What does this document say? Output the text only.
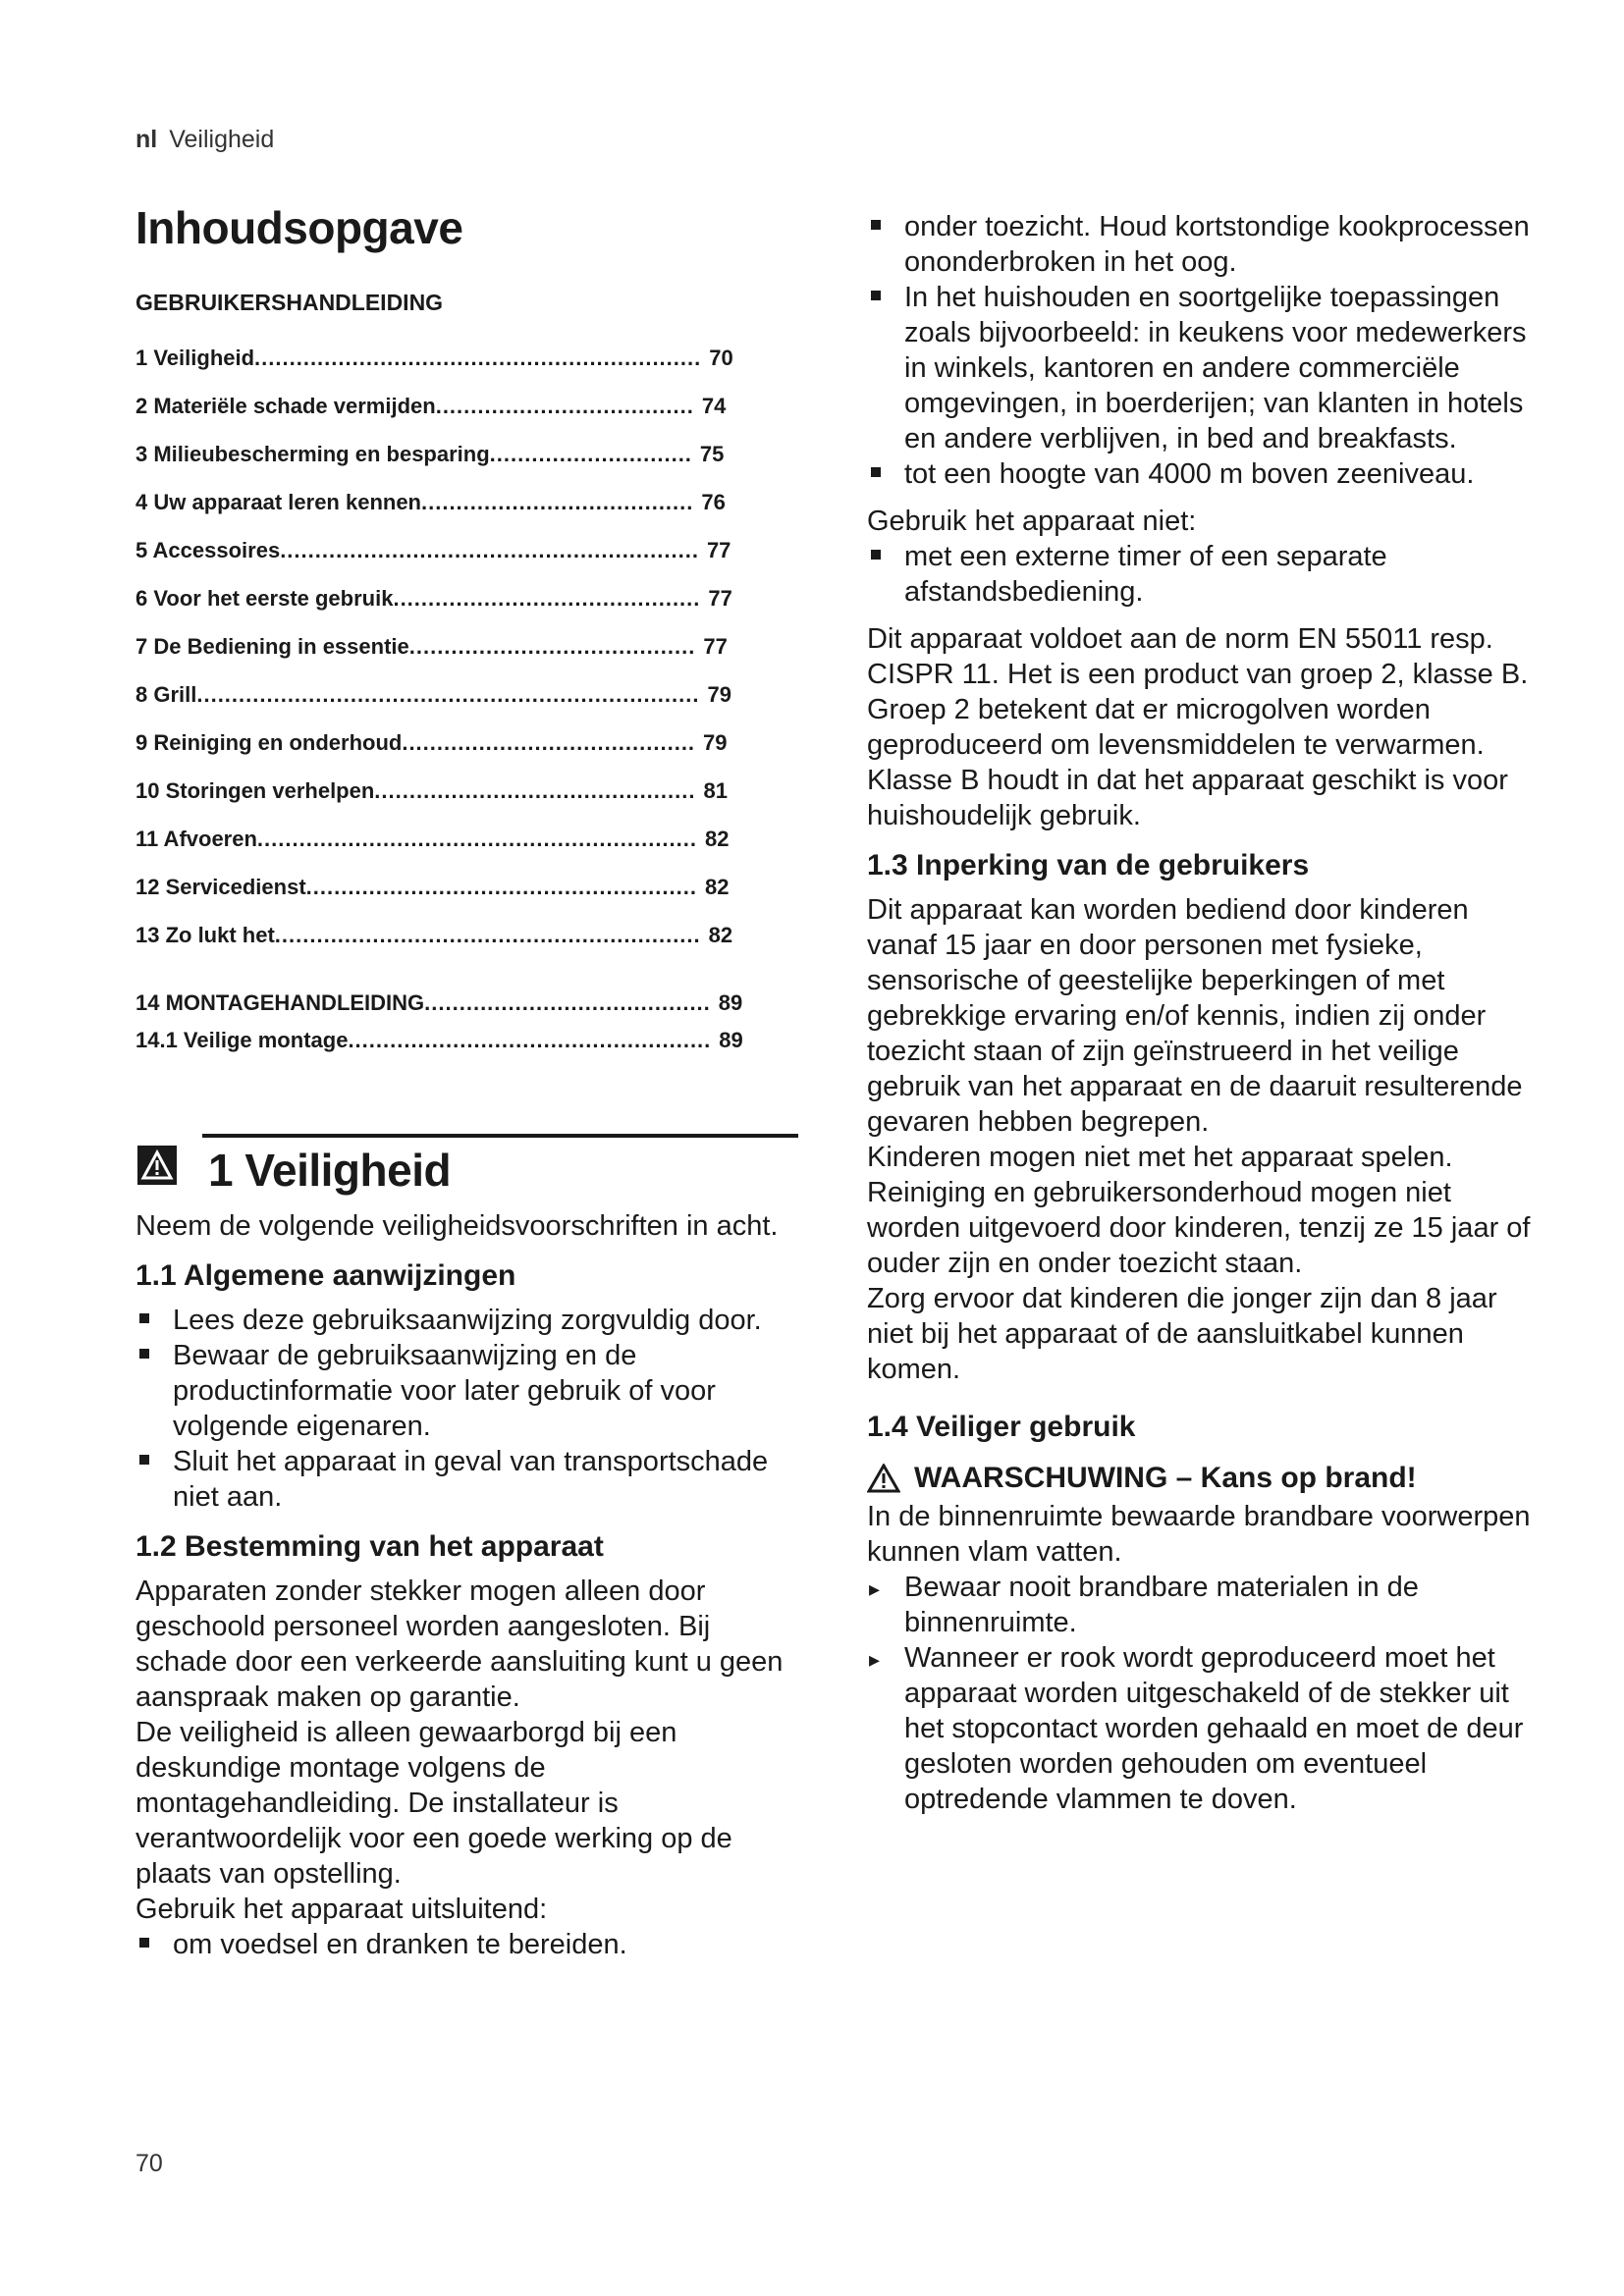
nl Veiligheid
Inhoudsopgave
GEBRUIKERSHANDLEIDING
1 Veiligheid ................................................................ 70
2 Materiële schade vermijden ..................................... 74
3 Milieubescherming en besparing ............................. 75
4 Uw apparaat leren kennen ....................................... 76
5 Accessoires ............................................................ 77
6 Voor het eerste gebruik ............................................ 77
7 De Bediening in essentie ......................................... 77
8 Grill ........................................................................ 79
9 Reiniging en onderhoud .......................................... 79
10 Storingen verhelpen .............................................. 81
11 Afvoeren ............................................................... 82
12 Servicedienst ........................................................ 82
13 Zo lukt het ............................................................. 82
14 MONTAGEHANDLEIDING ......................................... 89
14.1 Veilige montage .................................................... 89
1 Veiligheid

Neem de volgende veiligheidsvoorschriften in acht.

1.1 Algemene aanwijzingen
Lees deze gebruiksaanwijzing zorgvuldig door.
Bewaar de gebruiksaanwijzing en de productinformatie voor later gebruik of voor volgende eigenaren.
Sluit het apparaat in geval van transportschade niet aan.
1.2 Bestemming van het apparaat

Apparaten zonder stekker mogen alleen door geschoold personeel worden aangesloten. Bij schade door een verkeerde aansluiting kunt u geen aanspraak maken op garantie.

De veiligheid is alleen gewaarborgd bij een deskundige montage volgens de montagehandleiding. De installateur is verantwoordelijk voor een goede werking op de plaats van opstelling.

Gebruik het apparaat uitsluitend:

om voedsel en dranken te bereiden.
onder toezicht. Houd kortstondige kookprocessen ononderbroken in het oog.
In het huishouden en soortgelijke toepassingen zoals bijvoorbeeld: in keukens voor medewerkers in winkels, kantoren en andere commerciële omgevingen, in boerderijen; van klanten in hotels en andere verblijven, in bed and breakfasts.
tot een hoogte van 4000 m boven zeeniveau.

Gebruik het apparaat niet:

met een externe timer of een separate afstandsbediening.

Dit apparaat voldoet aan de norm EN 55011 resp. CISPR 11. Het is een product van groep 2, klasse B. Groep 2 betekent dat er microgolven worden geproduceerd om levensmiddelen te verwarmen. Klasse B houdt in dat het apparaat geschikt is voor huishoudelijk gebruik.

1.3 Inperking van de gebruikers

Dit apparaat kan worden bediend door kinderen vanaf 15 jaar en door personen met fysieke, sensorische of geestelijke beperkingen of met gebrekkige ervaring en/of kennis, indien zij onder toezicht staan of zijn geïnstrueerd in het veilige gebruik van het apparaat en de daaruit resulterende gevaren hebben begrepen.

Kinderen mogen niet met het apparaat spelen.

Reiniging en gebruikersonderhoud mogen niet worden uitgevoerd door kinderen, tenzij ze 15 jaar of ouder zijn en onder toezicht staan.

Zorg ervoor dat kinderen die jonger zijn dan 8 jaar niet bij het apparaat of de aansluitkabel kunnen komen.

1.4 Veiliger gebruik
WAARSCHUWING – Kans op brand!

In de binnenruimte bewaarde brandbare voorwerpen kunnen vlam vatten.

▸
Bewaar nooit brandbare materialen in de binnenruimte.
▸
Wanneer er rook wordt geproduceerd moet het apparaat worden uitgeschakeld of de stekker uit het stopcontact worden gehaald en moet de deur gesloten worden gehouden om eventueel optredende vlammen te doven.
70
